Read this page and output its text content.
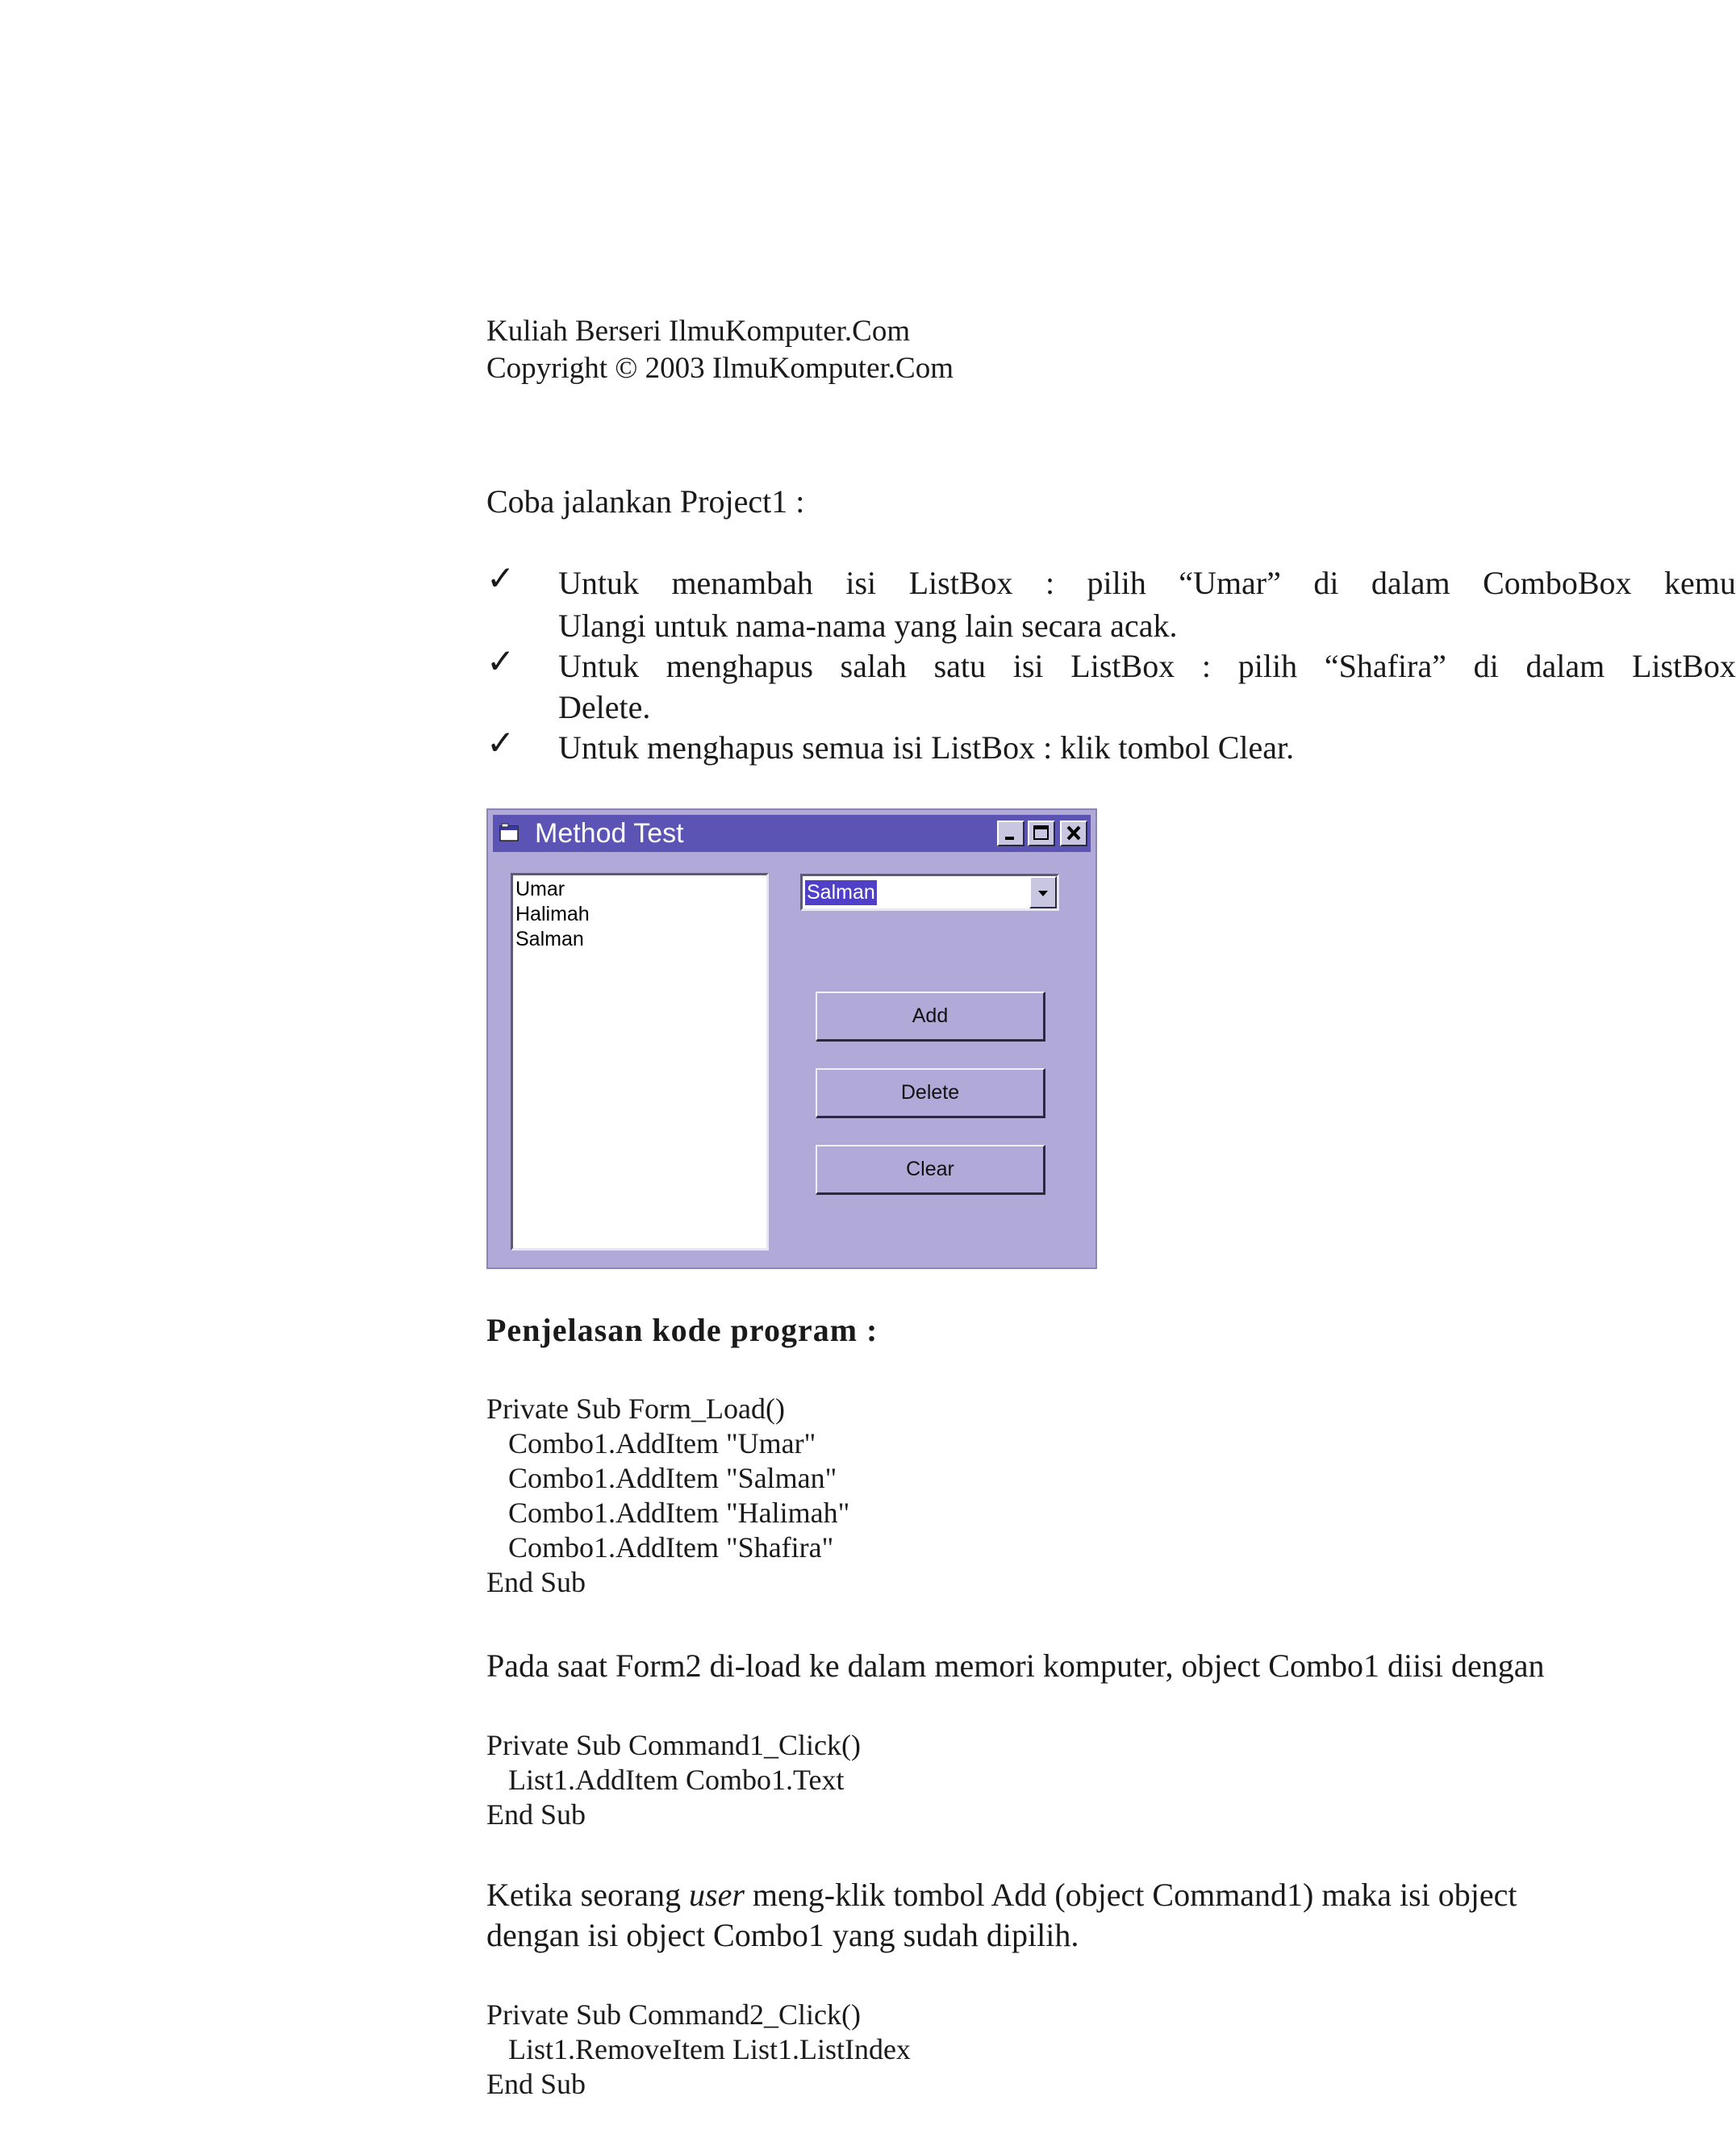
Kuliah Berseri IlmuKomputer.Com
Copyright © 2003 IlmuKomputer.Com
Coba jalankan Project1 :
✓ Untuk menambah isi ListBox : pilih “Umar” di dalam ComboBox kemu
Ulangi untuk nama-nama yang lain secara acak.
✓ Untuk menghapus salah satu isi ListBox : pilih “Shafira” di dalam ListBox
Delete.
✓ Untuk menghapus semua isi ListBox : klik tombol Clear.
Method Test
Umar
Halimah
Salman
Salman
Add
Delete
Clear
Penjelasan kode program :
Private Sub Form_Load()
Combo1.AddItem "Umar"
Combo1.AddItem "Salman"
Combo1.AddItem "Halimah"
Combo1.AddItem "Shafira"
End Sub
Pada saat Form2 di-load ke dalam memori komputer, object Combo1 diisi dengan
Private Sub Command1_Click()
List1.AddItem Combo1.Text
End Sub
Ketika seorang user meng-klik tombol Add (object Command1) maka isi object
dengan isi object Combo1 yang sudah dipilih.
Private Sub Command2_Click()
List1.RemoveItem List1.ListIndex
End Sub
